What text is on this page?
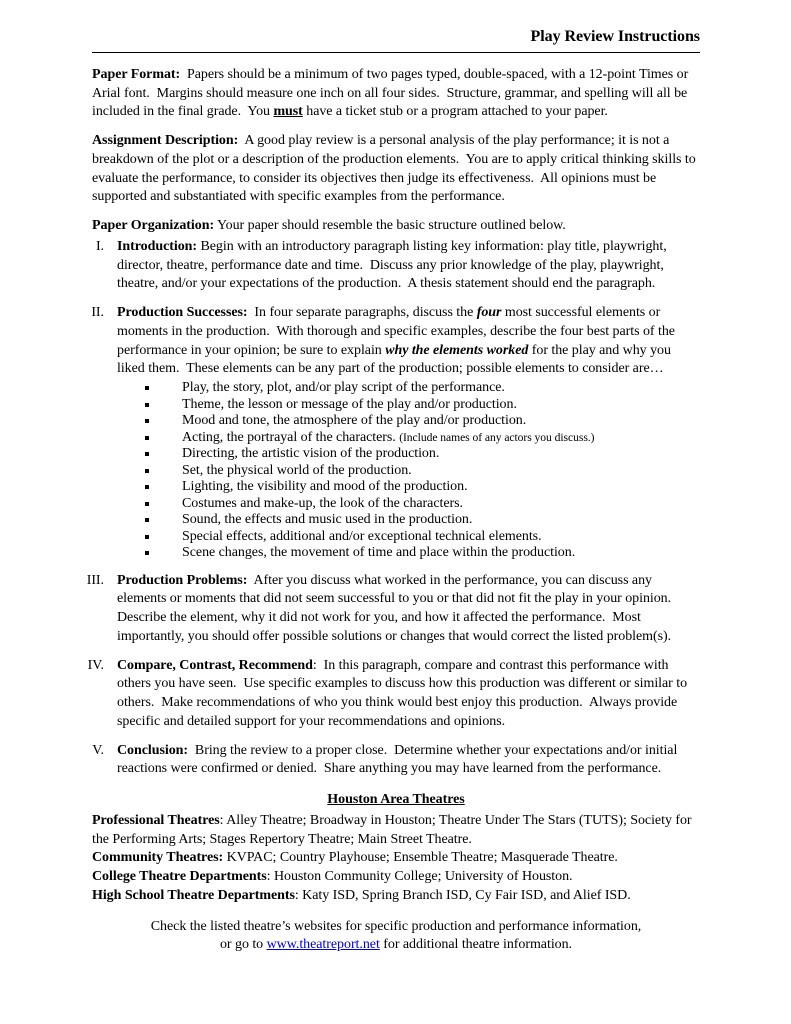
Play Review Instructions

Paper Format:  Papers should be a minimum of two pages typed, double-spaced, with a 12-point Times or Arial font.  Margins should measure one inch on all four sides.  Structure, grammar, and spelling will all be included in the final grade.  You must have a ticket stub or a program attached to your paper.

Assignment Description:  A good play review is a personal analysis of the play performance; it is not a breakdown of the plot or a description of the production elements.  You are to apply critical thinking skills to evaluate the performance, to consider its objectives then judge its effectiveness.  All opinions must be supported and substantiated with specific examples from the performance.

Paper Organization: Your paper should resemble the basic structure outlined below.

I. Introduction: Begin with an introductory paragraph listing key information: play title, playwright, director, theatre, performance date and time.  Discuss any prior knowledge of the play, playwright, theatre, and/or your expectations of the production.  A thesis statement should end the paragraph.
II. Production Successes:  In four separate paragraphs, discuss the four most successful elements or moments in the production.  With thorough and specific examples, describe the four best parts of the performance in your opinion; be sure to explain why the elements worked for the play and why you liked them.  These elements can be any part of the production; possible elements to consider are…
Play, the story, plot, and/or play script of the performance.
Theme, the lesson or message of the play and/or production.
Mood and tone, the atmosphere of the play and/or production.
Acting, the portrayal of the characters. (Include names of any actors you discuss.)
Directing, the artistic vision of the production.
Set, the physical world of the production.
Lighting, the visibility and mood of the production.
Costumes and make-up, the look of the characters.
Sound, the effects and music used in the production.
Special effects, additional and/or exceptional technical elements.
Scene changes, the movement of time and place within the production.
III. Production Problems:  After you discuss what worked in the performance, you can discuss any elements or moments that did not seem successful to you or that did not fit the play in your opinion.  Describe the element, why it did not work for you, and how it affected the performance.  Most importantly, you should offer possible solutions or changes that would correct the listed problem(s).
IV. Compare, Contrast, Recommend:  In this paragraph, compare and contrast this performance with others you have seen.  Use specific examples to discuss how this production was different or similar to others.  Make recommendations of who you think would best enjoy this production.  Always provide specific and detailed support for your recommendations and opinions.
V. Conclusion:  Bring the review to a proper close.  Determine whether your expectations and/or initial reactions were confirmed or denied.  Share anything you may have learned from the performance.
Houston Area Theatres
Professional Theatres: Alley Theatre; Broadway in Houston; Theatre Under The Stars (TUTS); Society for the Performing Arts; Stages Repertory Theatre; Main Street Theatre.
Community Theatres: KVPAC; Country Playhouse; Ensemble Theatre; Masquerade Theatre.
College Theatre Departments: Houston Community College; University of Houston.
High School Theatre Departments: Katy ISD, Spring Branch ISD, Cy Fair ISD, and Alief ISD.
Check the listed theatre’s websites for specific production and performance information,
or go to www.theatreport.net for additional theatre information.
